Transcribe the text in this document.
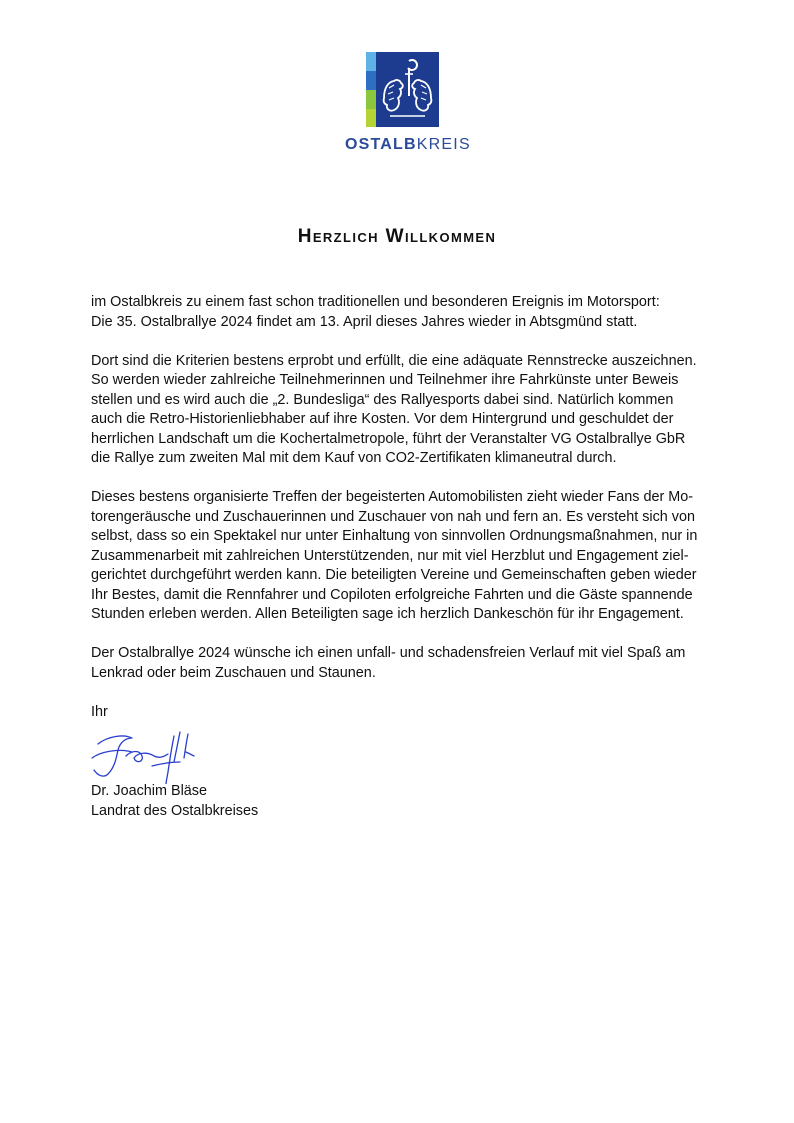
OSTALBKREIS
Herzlich Willkommen

im Ostalbkreis zu einem fast schon traditionellen und besonderen Ereignis im Motorsport:
Die 35. Ostalbrallye 2024 findet am 13. April dieses Jahres wieder in Abtsgmünd statt.

Dort sind die Kriterien bestens erprobt und erfüllt, die eine adäquate Rennstrecke auszeichnen.
So werden wieder zahlreiche Teilnehmerinnen und Teilnehmer ihre Fahrkünste unter Beweis
stellen und es wird auch die „2. Bundesliga“ des Rallyesports dabei sind. Natürlich kommen
auch die Retro-Historienliebhaber auf ihre Kosten. Vor dem Hintergrund und geschuldet der
herrlichen Landschaft um die Kochertalmetropole, führt der Veranstalter VG Ostalbrallye GbR
die Rallye zum zweiten Mal mit dem Kauf von CO2-Zertifikaten klimaneutral durch.

Dieses bestens organisierte Treffen der begeisterten Automobilisten zieht wieder Fans der Mo-
torengeräusche und Zuschauerinnen und Zuschauer von nah und fern an. Es versteht sich von
selbst, dass so ein Spektakel nur unter Einhaltung von sinnvollen Ordnungsmaßnahmen, nur in
Zusammenarbeit mit zahlreichen Unterstützenden, nur mit viel Herzblut und Engagement ziel-
gerichtet durchgeführt werden kann. Die beteiligten Vereine und Gemeinschaften geben wieder
Ihr Bestes, damit die Rennfahrer und Copiloten erfolgreiche Fahrten und die Gäste spannende
Stunden erleben werden. Allen Beteiligten sage ich herzlich Dankeschön für ihr Engagement.

Der Ostalbrallye 2024 wünsche ich einen unfall- und schadensfreien Verlauf mit viel Spaß am
Lenkrad oder beim Zuschauen und Staunen.

Ihr
Dr. Joachim Bläse
Landrat des Ostalbkreises
